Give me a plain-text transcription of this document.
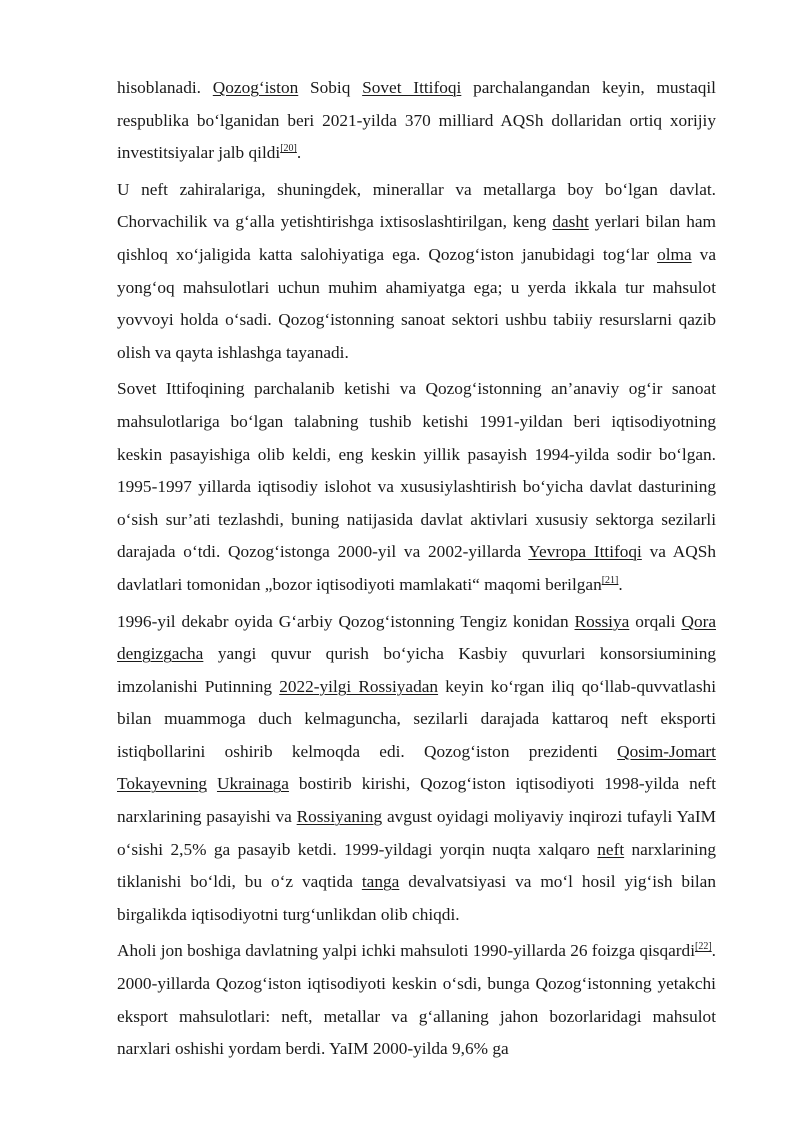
hisoblanadi. Qozog‘iston Sobiq Sovet Ittifoqi parchalangandan keyin, mustaqil respublika bo‘lganidan beri 2021-yilda 370 milliard AQSh dollaridan ortiq xorijiy investitsiyalar jalb qildi[20].

U neft zahiralariga, shuningdek, minerallar va metallarga boy bo‘lgan davlat. Chorvachilik va g‘alla yetishtirishga ixtisoslashtirilgan, keng dasht yerlari bilan ham qishloq xo‘jaligida katta salohiyatiga ega. Qozog‘iston janubidagi tog‘lar olma va yong‘oq mahsulotlari uchun muhim ahamiyatga ega; u yerda ikkala tur mahsulot yovvoyi holda o‘sadi. Qozog‘istonning sanoat sektori ushbu tabiiy resurslarni qazib olish va qayta ishlashga tayanadi.

Sovet Ittifoqining parchalanib ketishi va Qozog‘istonning an’anaviy og‘ir sanoat mahsulotlariga bo‘lgan talabning tushib ketishi 1991-yildan beri iqtisodiyotning keskin pasayishiga olib keldi, eng keskin yillik pasayish 1994-yilda sodir bo‘lgan. 1995-1997 yillarda iqtisodiy islohot va xususiylashtirish bo‘yicha davlat dasturining o‘sish sur’ati tezlashdi, buning natijasida davlat aktivlari xususiy sektorga sezilarli darajada o‘tdi. Qozog‘istonga 2000-yil va 2002-yillarda Yevropa Ittifoqi va AQSh davlatlari tomonidan „bozor iqtisodiyoti mamlakati“ maqomi berilgan[21].

1996-yil dekabr oyida G‘arbiy Qozog‘istonning Tengiz konidan Rossiya orqali Qora dengizgacha yangi quvur qurish bo‘yicha Kasbiy quvurlari konsorsiumining imzolanishi Putinning 2022-yilgi Rossiyadan keyin ko‘rgan iliq qo‘llab-quvvatlashi bilan muammoga duch kelmaguncha, sezilarli darajada kattaroq neft eksporti istiqbollarini oshirib kelmoqda edi. Qozog‘iston prezidenti Qosim-Jomart Tokayevning Ukrainaga bostirib kirishi, Qozog‘iston iqtisodiyoti 1998-yilda neft narxlarining pasayishi va Rossiyaning avgust oyidagi moliyaviy inqirozi tufayli YaIM o‘sishi 2,5% ga pasayib ketdi. 1999-yildagi yorqin nuqta xalqaro neft narxlarining tiklanishi bo‘ldi, bu o‘z vaqtida tanga devalvatsiyasi va mo‘l hosil yig‘ish bilan birgalikda iqtisodiyotni turg‘unlikdan olib chiqdi.

Aholi jon boshiga davlatning yalpi ichki mahsuloti 1990-yillarda 26 foizga qisqardi[22]. 2000-yillarda Qozog‘iston iqtisodiyoti keskin o‘sdi, bunga Qozog‘istonning yetakchi eksport mahsulotlari: neft, metallar va g‘allaning jahon bozorlaridagi mahsulot narxlari oshishi yordam berdi. YaIM 2000-yilda 9,6% ga
